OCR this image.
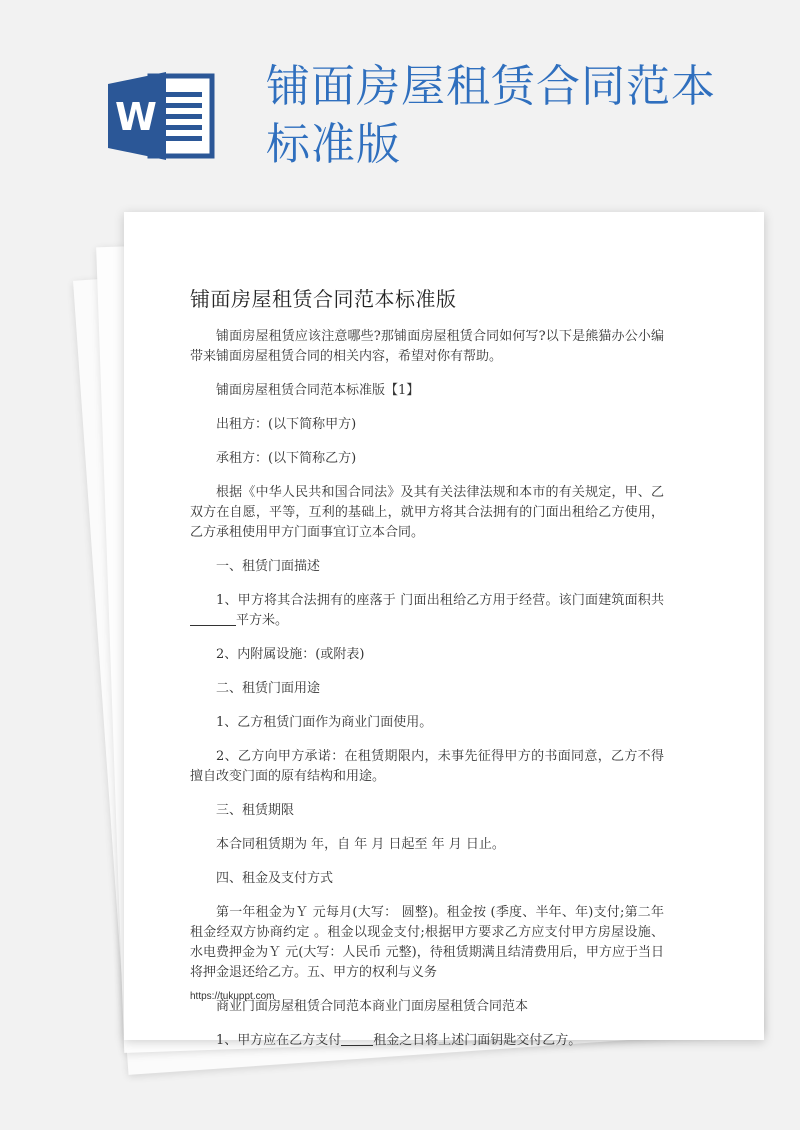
W
铺面房屋租赁合同范本标准版
铺面房屋租赁合同范本标准版

铺面房屋租赁应该注意哪些?那铺面房屋租赁合同如何写?以下是熊猫办公小编带来铺面房屋租赁合同的相关内容，希望对你有帮助。

铺面房屋租赁合同范本标准版【1】

出租方：(以下简称甲方)

承租方：(以下简称乙方)

根据《中华人民共和国合同法》及其有关法律法规和本市的有关规定，甲、乙双方在自愿，平等，互利的基础上，就甲方将其合法拥有的门面出租给乙方使用，乙方承租使用甲方门面事宜订立本合同。

一、租赁门面描述

1、甲方将其合法拥有的座落于 门面出租给乙方用于经营。该门面建筑面积共平方米。

2、内附属设施：(或附表)

二、租赁门面用途

1、乙方租赁门面作为商业门面使用。

2、乙方向甲方承诺：在租赁期限内，未事先征得甲方的书面同意，乙方不得擅自改变门面的原有结构和用途。

三、租赁期限

本合同租赁期为 年，自 年 月 日起至 年 月 日止。

四、租金及支付方式

第一年租金为Ｙ 元每月(大写： 圆整)。租金按 (季度、半年、年)支付;第二年租金经双方协商约定 。租金以现金支付;根据甲方要求乙方应支付甲方房屋设施、水电费押金为Ｙ 元(大写：人民币 元整)，待租赁期满且结清费用后，甲方应于当日将押金退还给乙方。五、甲方的权利与义务

商业门面房屋租赁合同范本商业门面房屋租赁合同范本

1、甲方应在乙方支付 租金之日将上述门面钥匙交付乙方。

https://tukuppt.com
